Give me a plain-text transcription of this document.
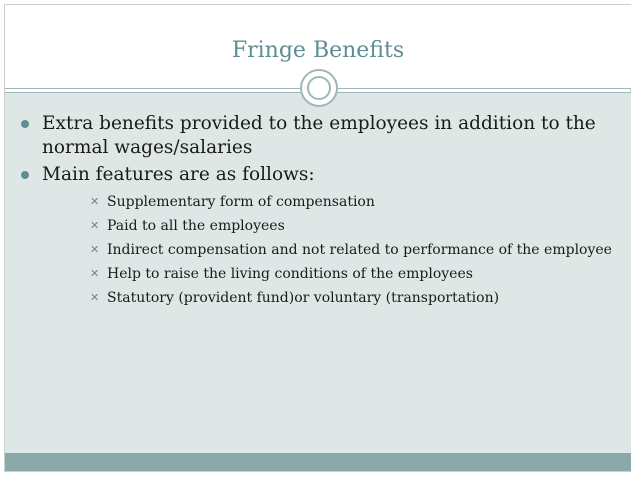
Fringe Benefits
Extra benefits provided to the employees in addition to the normal wages/salaries
Main features are as follows:
✕ Supplementary form of compensation
✕ Paid to all the employees
✕ Indirect compensation and not related to performance of the employee
✕ Help to raise the living conditions of the employees
✕ Statutory (provident fund)or voluntary (transportation)
